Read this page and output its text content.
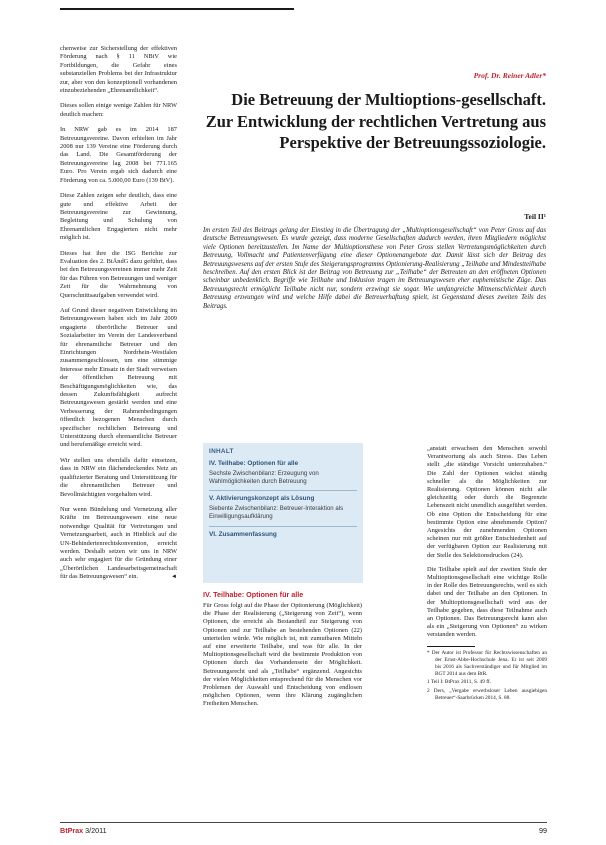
chenweise zur Sicherstellung der effektiven Förderung nach § 11 NBtV wie Fortbildungen, die Gefahr eines substanziellen Problems bei der Infrastruktur zur, aber von den konzeptionell vorhandenen einzubeziehenden „Ehrenamtlichkeit“.

Dieses sollen einige wenige Zahlen für NRW deutlich machen:

In NRW gab es im 2014 187 Betreuungsvereine. Davon erhielten im Jahr 2008 nur 139 Vereine eine Förderung durch das Land. Die Gesamtförderung der Betreuungsvereine lag 2008 bei 771.165 Euro. Pro Verein ergab sich dadurch eine Förderung von ca. 5.000,00 Euro (139 BtV).

Diese Zahlen zeigen sehr deutlich, dass eine gute und effektive Arbeit der Betreuungsvereine zur Gewinnung, Begleitung und Schulung von Ehrenamtlichen Engagierten nicht mehr möglich ist.

Dieses hat ihre die ISG Berichte zur Evaluation des 2. BtÄndG dazu geführt, dass bei den Betreuungsvereinen immer mehr Zeit für das Führen von Betreuungen und weniger Zeit für die Wahrnehmung von Querschnittsaufgaben verwendet wird.

Auf Grund dieser negativen Entwicklung im Betreuungswesen haben sich im Jahr 2009 engagierte überörtliche Betreuer und Sozialarbeiter im Verein der Landesverband für ehrenamtliche Betreuer und den Einrichtungen Nordrhein-Westfalen zusammengeschlossen, um eine stimmige Interesse mehr Einsatz in der Stadt verweisen der öffentlichen Betreuung mit Beschäftigungsmöglichkeiten wie, das dessen Zukunftsfähigkeit aufrecht Betreuungswesen gestärkt werden und eine Verbesserung der Rahmenbedingungen öffentlich bezogenen Menschen durch spezifischer rechtlichen Betreuung und Unterstützung durch ehrenamtliche Betreuer und berufsmäßige erreicht wird.

Wir stellen uns ebenfalls dafür einsetzen, dass in NRW ein flächendeckendes Netz an qualifizierter Beratung und Unterstützung für die ehrenamtlichen Betreuer und Bevollmächtigten vorgehalten wird.

Nur wenn Bündelung und Vernetzung aller Kräfte im Betreuungswesen eine neue notwendige Qualität für Vertretungen und Vernetzungsarbeit, auch in Hinblick auf die UN-Behindertenrechtskonvention, erreicht werden. Deshalb setzen wir uns in NRW auch sehr engagiert für die Gründung einer „Überörtlichen Landesarbeitsgemeinschaft für das Betreuungswesen“ ein.	◄

Prof. Dr. Reiner Adler*
Die Betreuung der Multioptions-gesellschaft. Zur Entwicklung der rechtlichen Vertretung aus Perspektive der Betreuungssoziologie.
Teil II¹

Im ersten Teil des Beitrags gelang der Einstieg in die Übertragung der „Multioptionsgesellschaft“ von Peter Gross auf das deutsche Betreuungswesen. Es wurde gezeigt, dass moderne Gesellschaften dadurch werden, ihren Mitgliedern möglichst viele Optionen bereitzustellen. Im Name der Multioptionsthese von Peter Gross stellen Vertretungsmöglichkeiten durch Betreuung, Vollmacht und Patientenverfügung eine dieser Optionenangebote dar. Damit lässt sich der Beitrag des Betreuungswesens auf der ersten Stufe des Steigerungsprogramms Optionierung-Realisierung „Teilhabe und Mindestteilhabe beschreiben. Auf den ersten Blick ist der Beitrag von Betreuung zur „Teilhabe“ der Betreuten an den eröffneten Optionen scheinbar unbedenklich. Begriffe wie Teilhabe und Inklusion tragen im Betreuungswesen eher euphemistische Züge. Das Betreuungsrecht ermöglicht Teilhabe nicht nur, sondern erzwingt sie sogar. Wie umfangreiche Mitmenschlichkeit durch Betreuung erzwungen wird und welche Hilfe dabei die Betreuerhaftung spielt, ist Gegenstand dieses zweiten Teils des Beitrags.

INHALT
IV. Teilhabe: Optionen für alle
Sechste Zwischenbilanz: Erzeugung von Wahlmöglichkeiten durch Betreuung
V. Aktivierungskonzept als Lösung
Siebente Zwischenbilanz: Betreuer-Interaktion als Einwilligungsaufklärung
VI. Zusammenfassung
IV. Teilhabe: Optionen für alle
Für Gross folgt auf die Phase der Optionierung (Möglichkeit) die Phase der Realisierung („Steigerung von Zeit“), wenn Optionen, die erreicht als Bestandteil zur Steigerung von Optionen und zur Teilhabe an bestehenden Optionen (22) unterteilen würde. Wie möglich ist, mit zumutbaren Mitteln auf eine erweiterte Teilhabe, und was für alle. In der Multioptionsgesellschaft wird die bestimmte Produktion von Optionen durch das Vorhandensein der Möglichkeit. Betreuungsrecht und als „Teilhabe“ ergänzend. Angesichts der vielen Möglichkeiten entsprechend für die Menschen vor Problemen der Auswahl und Entscheidung von endlosen möglichen Optionen, wenn ihre Klärung zugänglichen Freiheiten Menschen.

„anstatt erwachsen den Menschen sowohl Verantwortung als auch Stress. Das Leben stellt „die ständige Vorsicht unterzuhaben.“ Die Zahl der Optionen wächst ständig schneller als die Möglichkeiten zur Realisierung. Optionen können nicht alle gleichzeitig oder durch die Begrenzte Lebenszeit nicht unendlich ausgeführt werden. Ob eine Option die Entscheidung für eine bestimmte Option eine abnehmende Option? Angesichts der zunehmenden Optionen scheinen nur mit größter Entschiedenheit auf der verfügbaren Option zur Realisierung mit der Stelle des Selektionsdruckes (24).

Die Teilhabe spielt auf der zweiten Stufe der Multioptionsgesellschaft eine wichtige Rolle in der Rolle des Betreuungsrechts, weil es sich dabei und der Teilhabe an den Optionen. In der Multioptionsgesellschaft wird aus der Teilhabe gegeben, dass diese Teilnahme auch an Optionen. Das Betreuungsrecht kann also als ein „Steigerung von Optionen“ zu wirken verstanden werden.

* Der Autor ist Professor für Rechtswissenschaften an der Ernst-Abbe-Hochschule Jena. Er ist seit 2009 bis 2016 als Sachverständiger und für Mitglied im BGT 2014 aus dem BtR.

1 Teil I: BtPrax 2011, S. 49 ff.

2 Ders, „Vergabe erwerbsloser Leben ausgiebigen Betreuer“-Saarbrücken 2014, S. 88.

BtPrax 3/2011	99
